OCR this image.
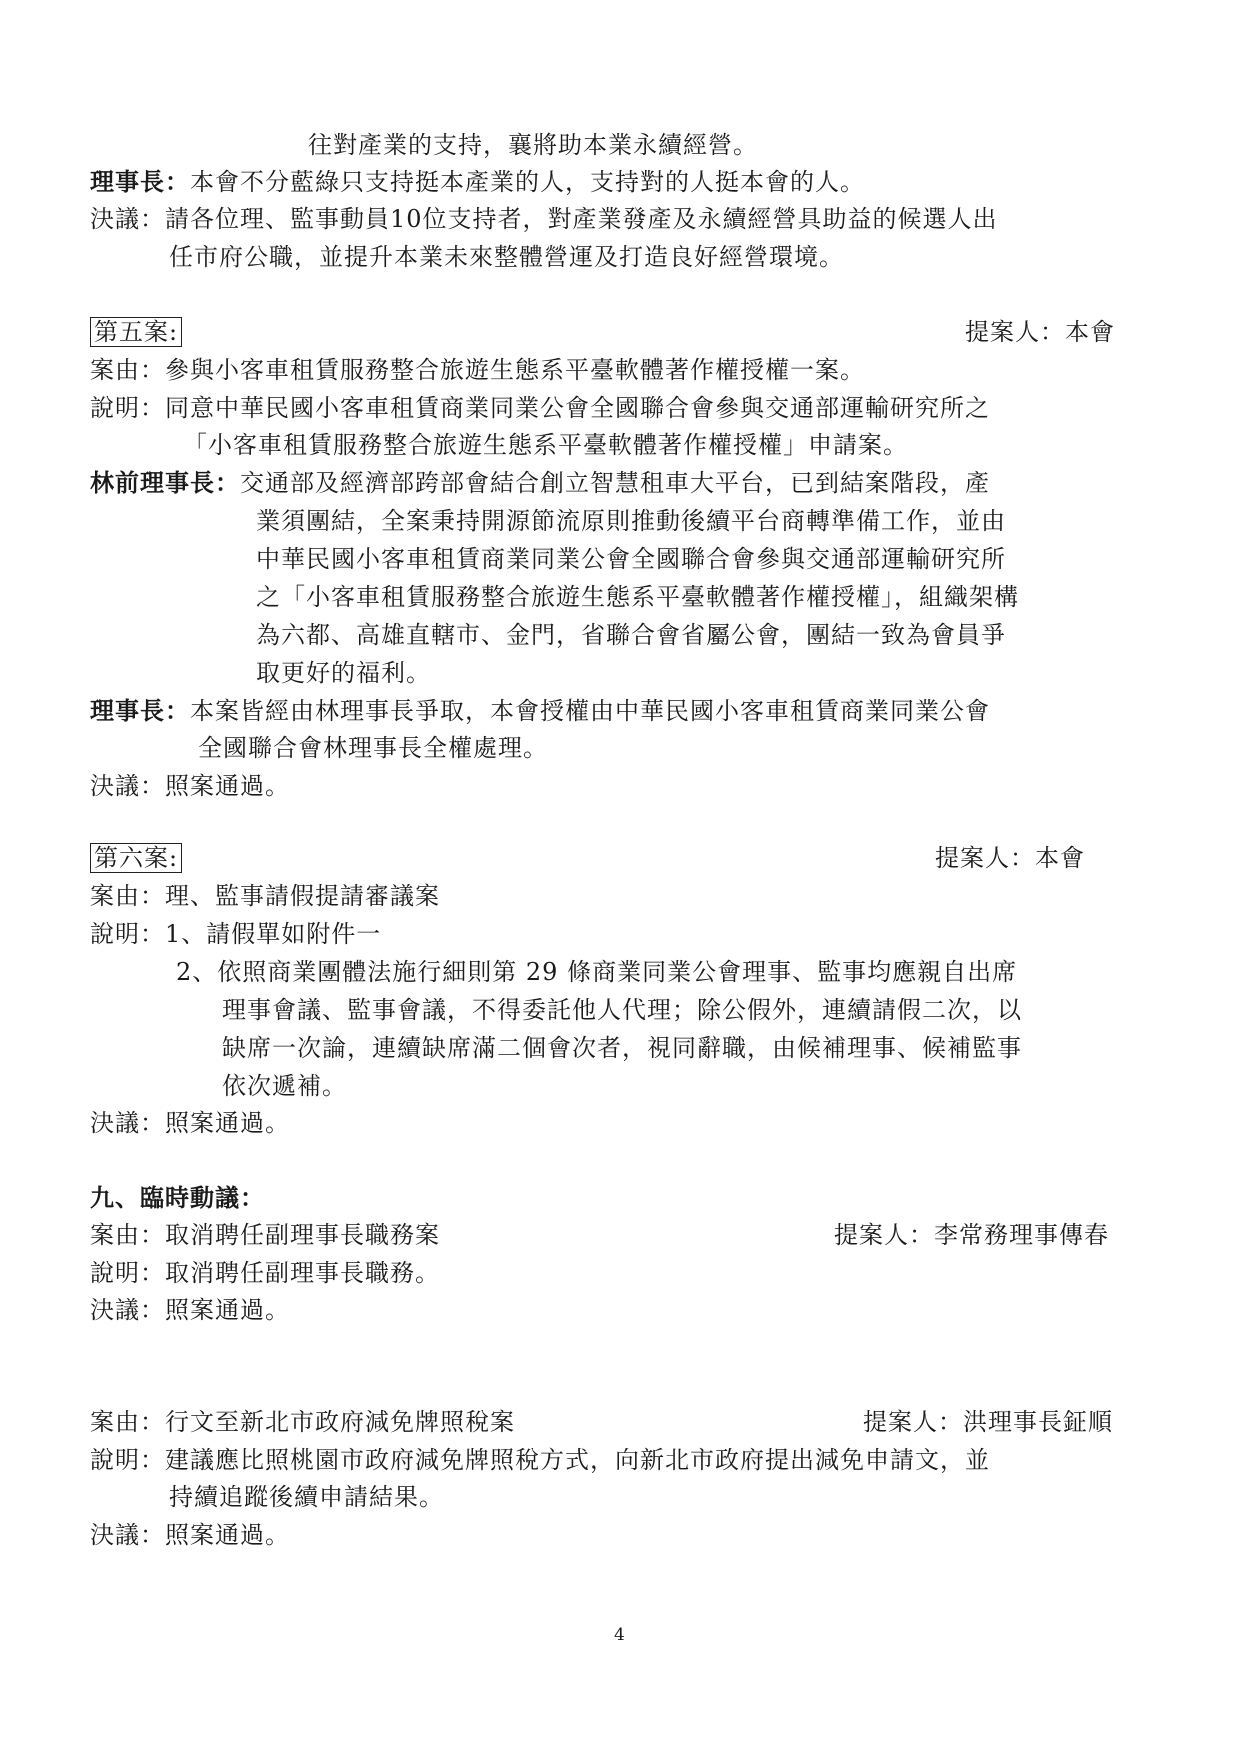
往對產業的支持，襄將助本業永續經營。
理事長：本會不分藍綠只支持挺本產業的人，支持對的人挺本會的人。
決議：請各位理、監事動員10位支持者，對產業發產及永續經營具助益的候選人出
任市府公職，並提升本業未來整體營運及打造良好經營環境。
第五案:	提案人：本會
案由：參與小客車租賃服務整合旅遊生態系平臺軟體著作權授權一案。
說明：同意中華民國小客車租賃商業同業公會全國聯合會參與交通部運輸研究所之
「小客車租賃服務整合旅遊生態系平臺軟體著作權授權」申請案。
林前理事長：交通部及經濟部跨部會結合創立智慧租車大平台，已到結案階段，產
業須團結，全案秉持開源節流原則推動後續平台商轉準備工作，並由
中華民國小客車租賃商業同業公會全國聯合會參與交通部運輸研究所
之「小客車租賃服務整合旅遊生態系平臺軟體著作權授權」，組織架構
為六都、高雄直轄市、金門，省聯合會省屬公會，團結一致為會員爭
取更好的福利。
理事長：本案皆經由林理事長爭取，本會授權由中華民國小客車租賃商業同業公會
全國聯合會林理事長全權處理。
決議：照案通過。
第六案:	提案人：本會
案由：理、監事請假提請審議案
說明：1、請假單如附件一
2、依照商業團體法施行細則第 29 條商業同業公會理事、監事均應親自出席
理事會議、監事會議，不得委託他人代理；除公假外，連續請假二次，以
缺席一次論，連續缺席滿二個會次者，視同辭職，由候補理事、候補監事
依次遞補。
決議：照案通過。
九、臨時動議：
案由：取消聘任副理事長職務案	提案人：李常務理事傳春
說明：取消聘任副理事長職務。
決議：照案通過。
案由：行文至新北市政府減免牌照稅案	提案人：洪理事長鉦順
說明：建議應比照桃園市政府減免牌照稅方式，向新北市政府提出減免申請文，並
持續追蹤後續申請結果。
決議：照案通過。
4
